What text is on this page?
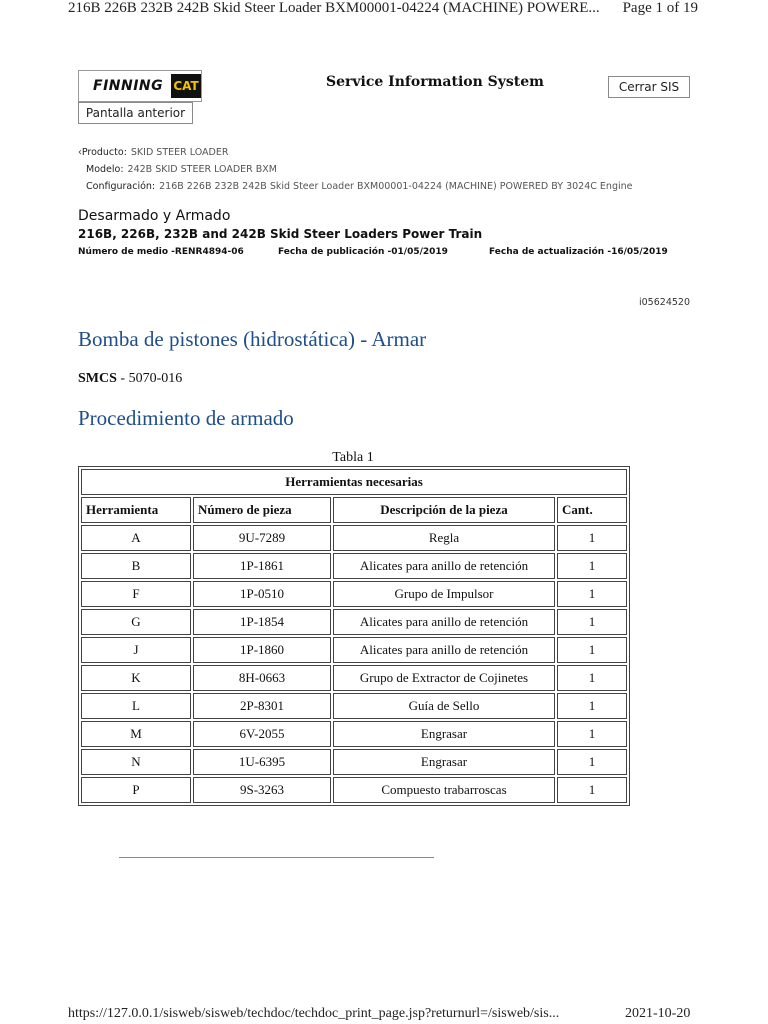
216B 226B 232B 242B Skid Steer Loader BXM00001-04224 (MACHINE) POWERE... Page 1 of 19
FINNING CAT	Service Information System	Cerrar SIS
Pantalla anterior
‹Producto: SKID STEER LOADER
Modelo: 242B SKID STEER LOADER BXM
Configuración: 216B 226B 232B 242B Skid Steer Loader BXM00001-04224 (MACHINE) POWERED BY 3024C Engine
Desarmado y Armado
216B, 226B, 232B and 242B Skid Steer Loaders Power Train
Número de medio -RENR4894-06	Fecha de publicación -01/05/2019	Fecha de actualización -16/05/2019
i05624520
Bomba de pistones (hidrostática) - Armar
SMCS - 5070-016
Procedimiento de armado
Tabla 1
Herramientas necesarias			
Herramienta	Número de pieza	Descripción de la pieza	Cant.
A	9U-7289	Regla	1
B	1P-1861	Alicates para anillo de retención	1
F	1P-0510	Grupo de Impulsor	1
G	1P-1854	Alicates para anillo de retención	1
J	1P-1860	Alicates para anillo de retención	1
K	8H-0663	Grupo de Extractor de Cojinetes	1
L	2P-8301	Guía de Sello	1
M	6V-2055	Engrasar	1
N	1U-6395	Engrasar	1
P	9S-3263	Compuesto trabarroscas	1
https://127.0.0.1/sisweb/sisweb/techdoc/techdoc_print_page.jsp?returnurl=/sisweb/sis...	2021-10-20
